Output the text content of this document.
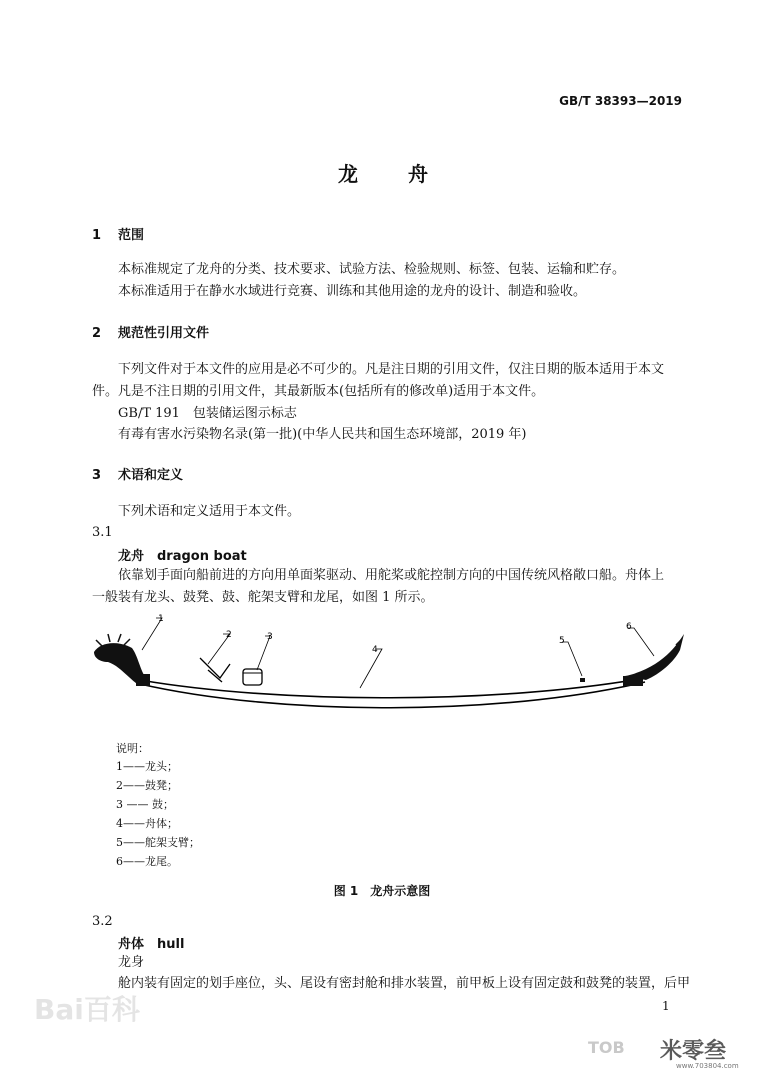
GB/T 38393—2019
龙舟
1 范围
本标准规定了龙舟的分类、技术要求、试验方法、检验规则、标签、包装、运输和贮存。
本标准适用于在静水水域进行竞赛、训练和其他用途的龙舟的设计、制造和验收。
2 规范性引用文件
下列文件对于本文件的应用是必不可少的。凡是注日期的引用文件，仅注日期的版本适用于本文
件。凡是不注日期的引用文件，其最新版本(包括所有的修改单)适用于本文件。
GB/T 191　包装储运图示标志
有毒有害水污染物名录(第一批)(中华人民共和国生态环境部，2019 年)
3 术语和定义
下列术语和定义适用于本文件。
3.1
龙舟　dragon boat
依靠划手面向船前进的方向用单面桨驱动、用舵桨或舵控制方向的中国传统风格敞口船。舟体上
一般装有龙头、鼓凳、鼓、舵架支臂和龙尾，如图 1 所示。
1
2	3
4
5
6
说明：
1——龙头；
2——鼓凳；
3 —— 鼓；
4——舟体；
5——舵架支臂；
6——龙尾。
图 1　龙舟示意图
3.2
舟体　hull
龙身
舱内装有固定的划手座位，头、尾设有密封舱和排水装置，前甲板上设有固定鼓和鼓凳的装置，后甲
1
Bai百科
TOB 米零叁
www.703804.com
